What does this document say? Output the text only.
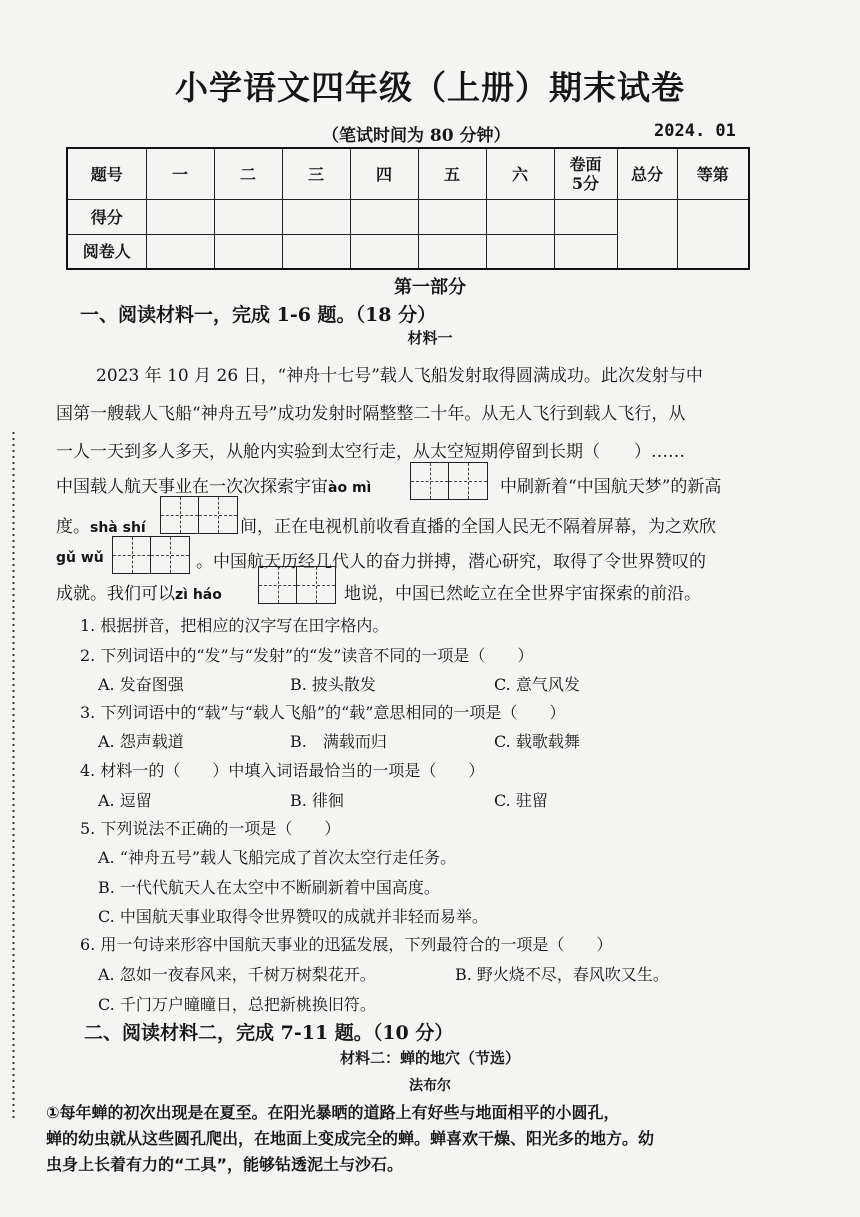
小学语文四年级（上册）期末试卷
（笔试时间为 80 分钟）	2024. 01
题号	一	二	三	四	五	六	卷面5分	总分	等第
得分									
阅卷人									
第一部分
一、阅读材料一，完成 1-6 题。（18 分）
材料一
2023 年 10 月 26 日，“神舟十七号”载人飞船发射取得圆满成功。此次发射与中
国第一艘载人飞船“神舟五号”成功发射时隔整整二十年。从无人飞行到载人飞行，从
一人一天到多人多天，从舱内实验到太空行走，从太空短期停留到长期（　　）……
中国载人航天事业在一次次探索宇宙ào mì	中刷新着“中国航天梦”的新高
度。shà shí	间，正在电视机前收看直播的全国人民无不隔着屏幕，为之欢欣
gǔ wǔ	。中国航天历经几代人的奋力拼搏，潜心研究，取得了令世界赞叹的
成就。我们可以zì háo	地说，中国已然屹立在全世界宇宙探索的前沿。
1. 根据拼音，把相应的汉字写在田字格内。
2. 下列词语中的“发”与“发射”的“发”读音不同的一项是（　　）
A. 发奋图强	B. 披头散发	C. 意气风发
3. 下列词语中的“载”与“载人飞船”的“载”意思相同的一项是（　　）
A. 怨声载道	B.　满载而归	C. 载歌载舞
4. 材料一的（　　）中填入词语最恰当的一项是（　　）
A. 逗留	B. 徘徊	C. 驻留
5. 下列说法不正确的一项是（　　）
A. “神舟五号”载人飞船完成了首次太空行走任务。
B. 一代代航天人在太空中不断刷新着中国高度。
C. 中国航天事业取得令世界赞叹的成就并非轻而易举。
6. 用一句诗来形容中国航天事业的迅猛发展，下列最符合的一项是（　　）
A. 忽如一夜春风来，千树万树梨花开。	B. 野火烧不尽，春风吹又生。
C. 千门万户曈曈日，总把新桃换旧符。
二、阅读材料二，完成 7-11 题。（10 分）
材料二：蝉的地穴（节选）
法布尔
①每年蝉的初次出现是在夏至。在阳光暴晒的道路上有好些与地面相平的小圆孔，
蝉的幼虫就从这些圆孔爬出，在地面上变成完全的蝉。蝉喜欢干燥、阳光多的地方。幼
虫身上长着有力的“工具”，能够钻透泥土与沙石。
